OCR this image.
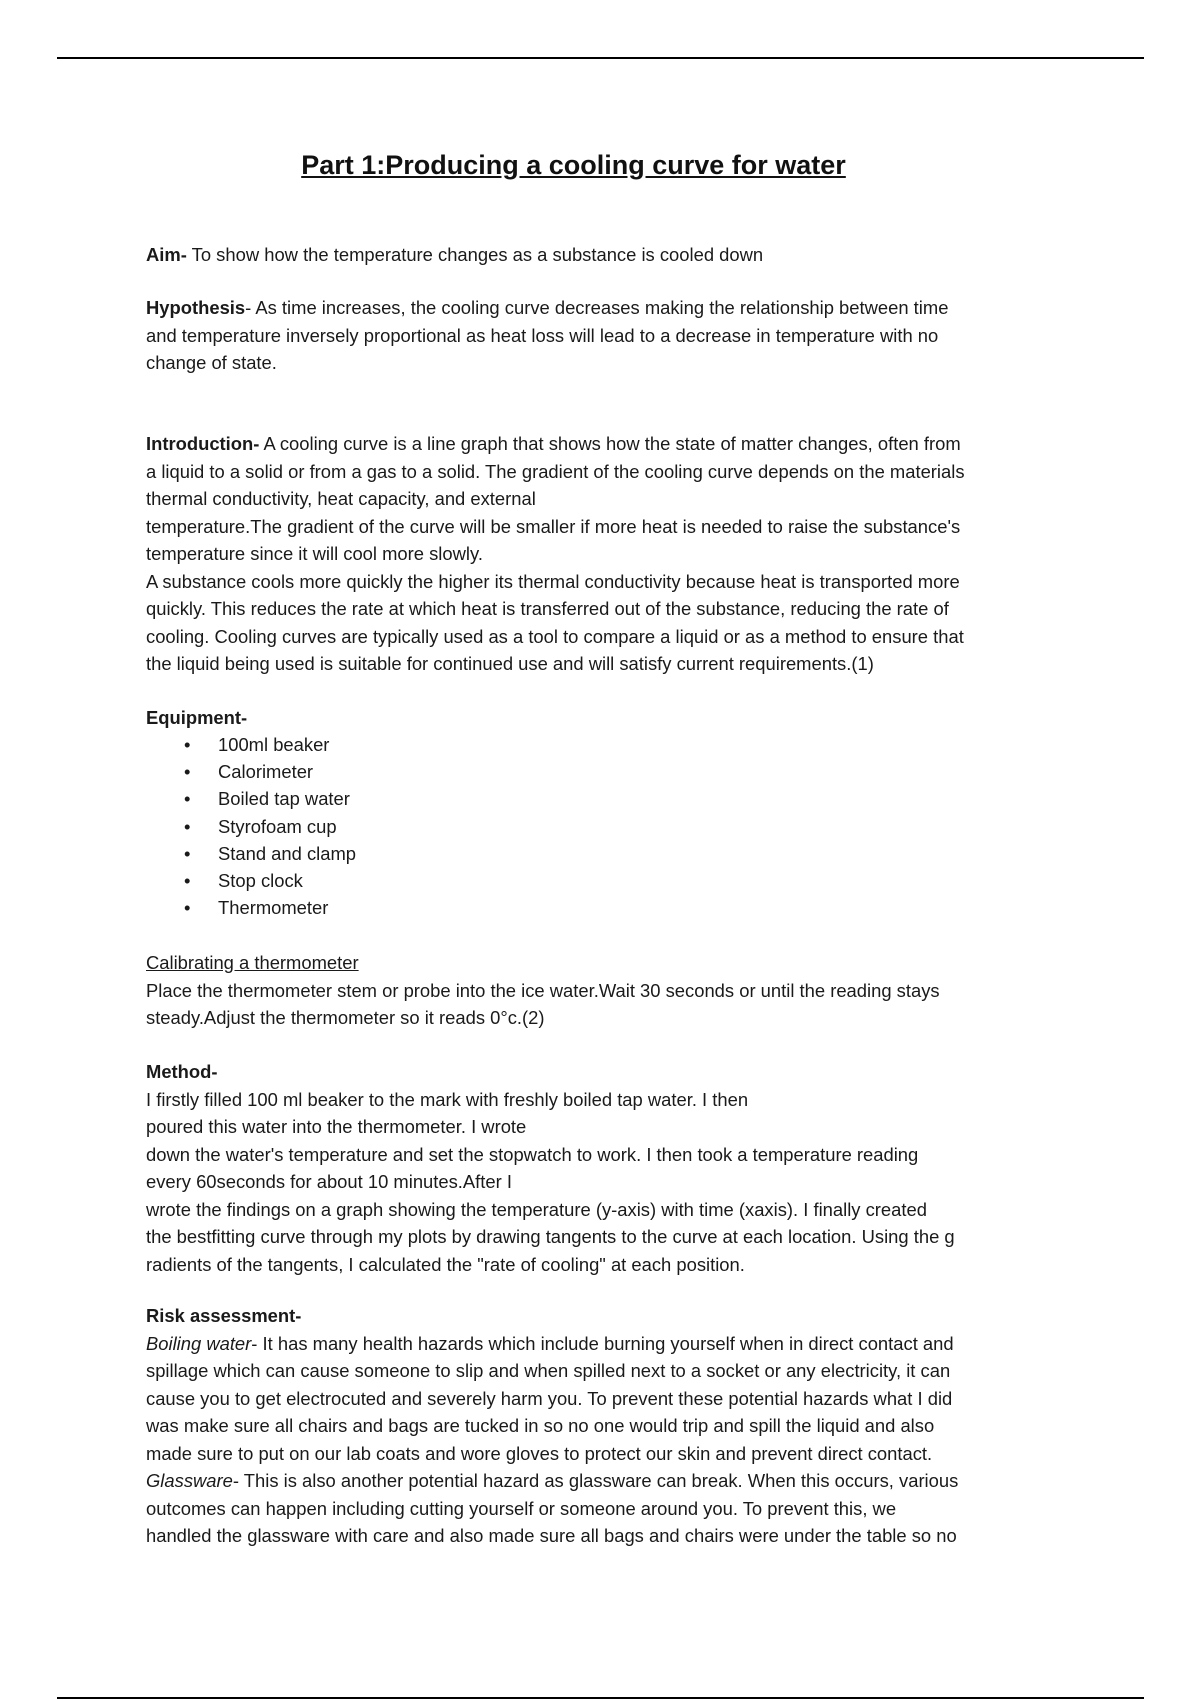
Part 1:Producing a cooling curve for water

Aim- To show how the temperature changes as a substance is cooled down

Hypothesis- As time increases, the cooling curve decreases making the relationship between time
and temperature inversely proportional as heat loss will lead to a decrease in temperature with no
change of state.

Introduction- A cooling curve is a line graph that shows how the state of matter changes, often from
a liquid to a solid or from a gas to a solid. The gradient of the cooling curve depends on the materials
thermal conductivity, heat capacity, and external
temperature.The gradient of the curve will be smaller if more heat is needed to raise the substance's
temperature since it will cool more slowly.
A substance cools more quickly the higher its thermal conductivity because heat is transported more
quickly. This reduces the rate at which heat is transferred out of the substance, reducing the rate of
cooling. Cooling curves are typically used as a tool to compare a liquid or as a method to ensure that
the liquid being used is suitable for continued use and will satisfy current requirements.(1)

Equipment-

• 100ml beaker
• Calorimeter
• Boiled tap water
• Styrofoam cup
• Stand and clamp
• Stop clock
• Thermometer

Calibrating a thermometer
Place the thermometer stem or probe into the ice water.Wait 30 seconds or until the reading stays
steady.Adjust the thermometer so it reads 0°c.(2)

Method-
I firstly filled 100 ml beaker to the mark with freshly boiled tap water. I then
poured this water into the thermometer. I wrote
down the water's temperature and set the stopwatch to work. I then took a temperature reading
every 60seconds for about 10 minutes.After I
wrote the findings on a graph showing the temperature (y-axis) with time (xaxis). I finally created
the bestfitting curve through my plots by drawing tangents to the curve at each location. Using the g
radients of the tangents, I calculated the "rate of cooling" at each position.

Risk assessment-
Boiling water- It has many health hazards which include burning yourself when in direct contact and
spillage which can cause someone to slip and when spilled next to a socket or any electricity, it can
cause you to get electrocuted and severely harm you. To prevent these potential hazards what I did
was make sure all chairs and bags are tucked in so no one would trip and spill the liquid and also
made sure to put on our lab coats and wore gloves to protect our skin and prevent direct contact.
Glassware- This is also another potential hazard as glassware can break. When this occurs, various
outcomes can happen including cutting yourself or someone around you. To prevent this, we
handled the glassware with care and also made sure all bags and chairs were under the table so no
